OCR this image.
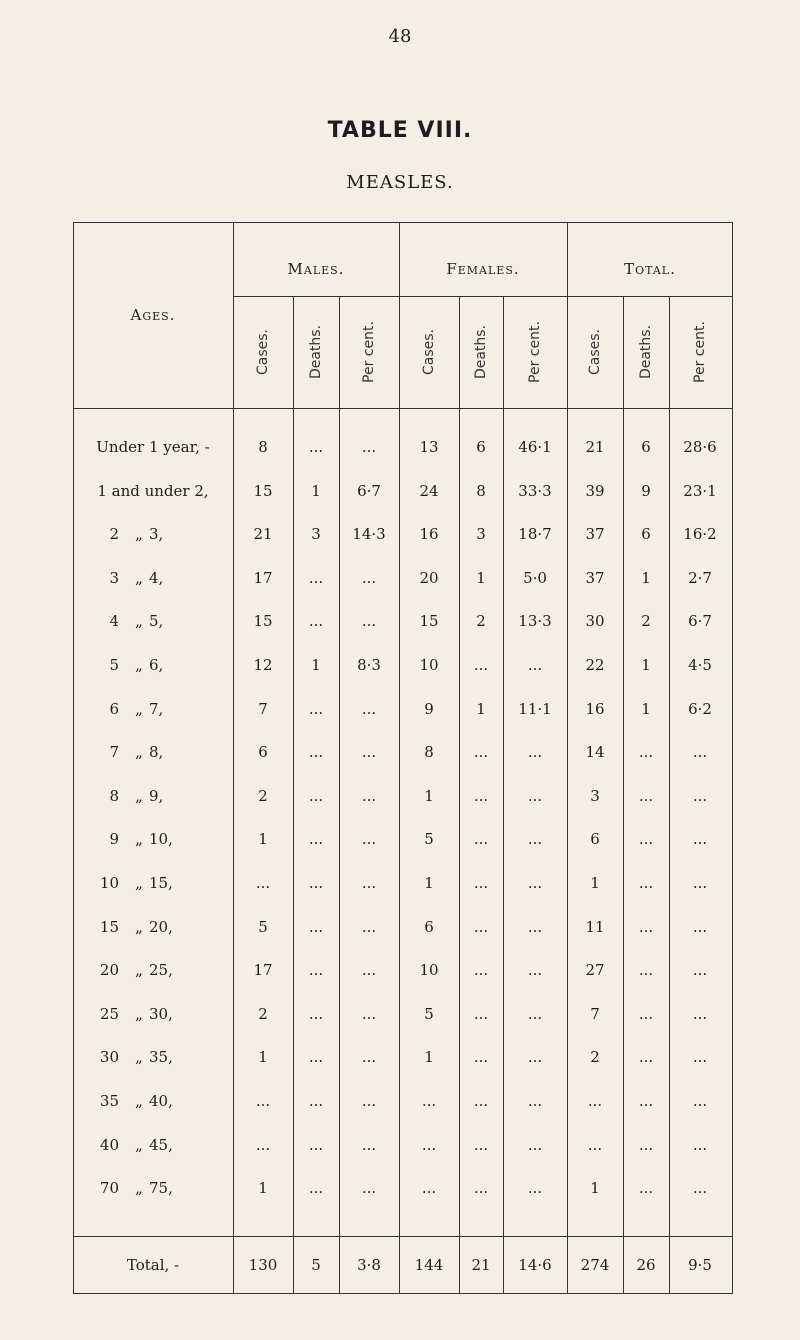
48
TABLE VIII.
MEASLES.
Ages.
Males.	Females.	Total.
Cases.	Deaths.	Per cent.	Cases.	Deaths.	Per cent.	Cases.	Deaths.	Per cent.
Under 1 year, -	8	...	...	13	6	46·1	21	6	28·6
1 and under 2,	15	1	6·7	24	8	33·3	39	9	23·1
2 „ 3,	21	3	14·3	16	3	18·7	37	6	16·2
3 „ 4,	17	...	...	20	1	5·0	37	1	2·7
4 „ 5,	15	...	...	15	2	13·3	30	2	6·7
5 „ 6,	12	1	8·3	10	...	...	22	1	4·5
6 „ 7,	7	...	...	9	1	11·1	16	1	6·2
7 „ 8,	6	...	...	8	...	...	14	...	...
8 „ 9,	2	...	...	1	...	...	3	...	...
9 „ 10,	1	...	...	5	...	...	6	...	...
10 „ 15,	...	...	...	1	...	...	1	...	...
15 „ 20,	5	...	...	6	...	...	11	...	...
20 „ 25,	17	...	...	10	...	...	27	...	...
25 „ 30,	2	...	...	5	...	...	7	...	...
30 „ 35,	1	...	...	1	...	...	2	...	...
35 „ 40,	...	...	...	...	...	...	...	...	...
40 „ 45,	...	...	...	...	...	...	...	...	...
70 „ 75,	1	...	...	...	...	...	1	...	...
Total, -	130	5	3·8	144	21	14·6	274	26	9·5
